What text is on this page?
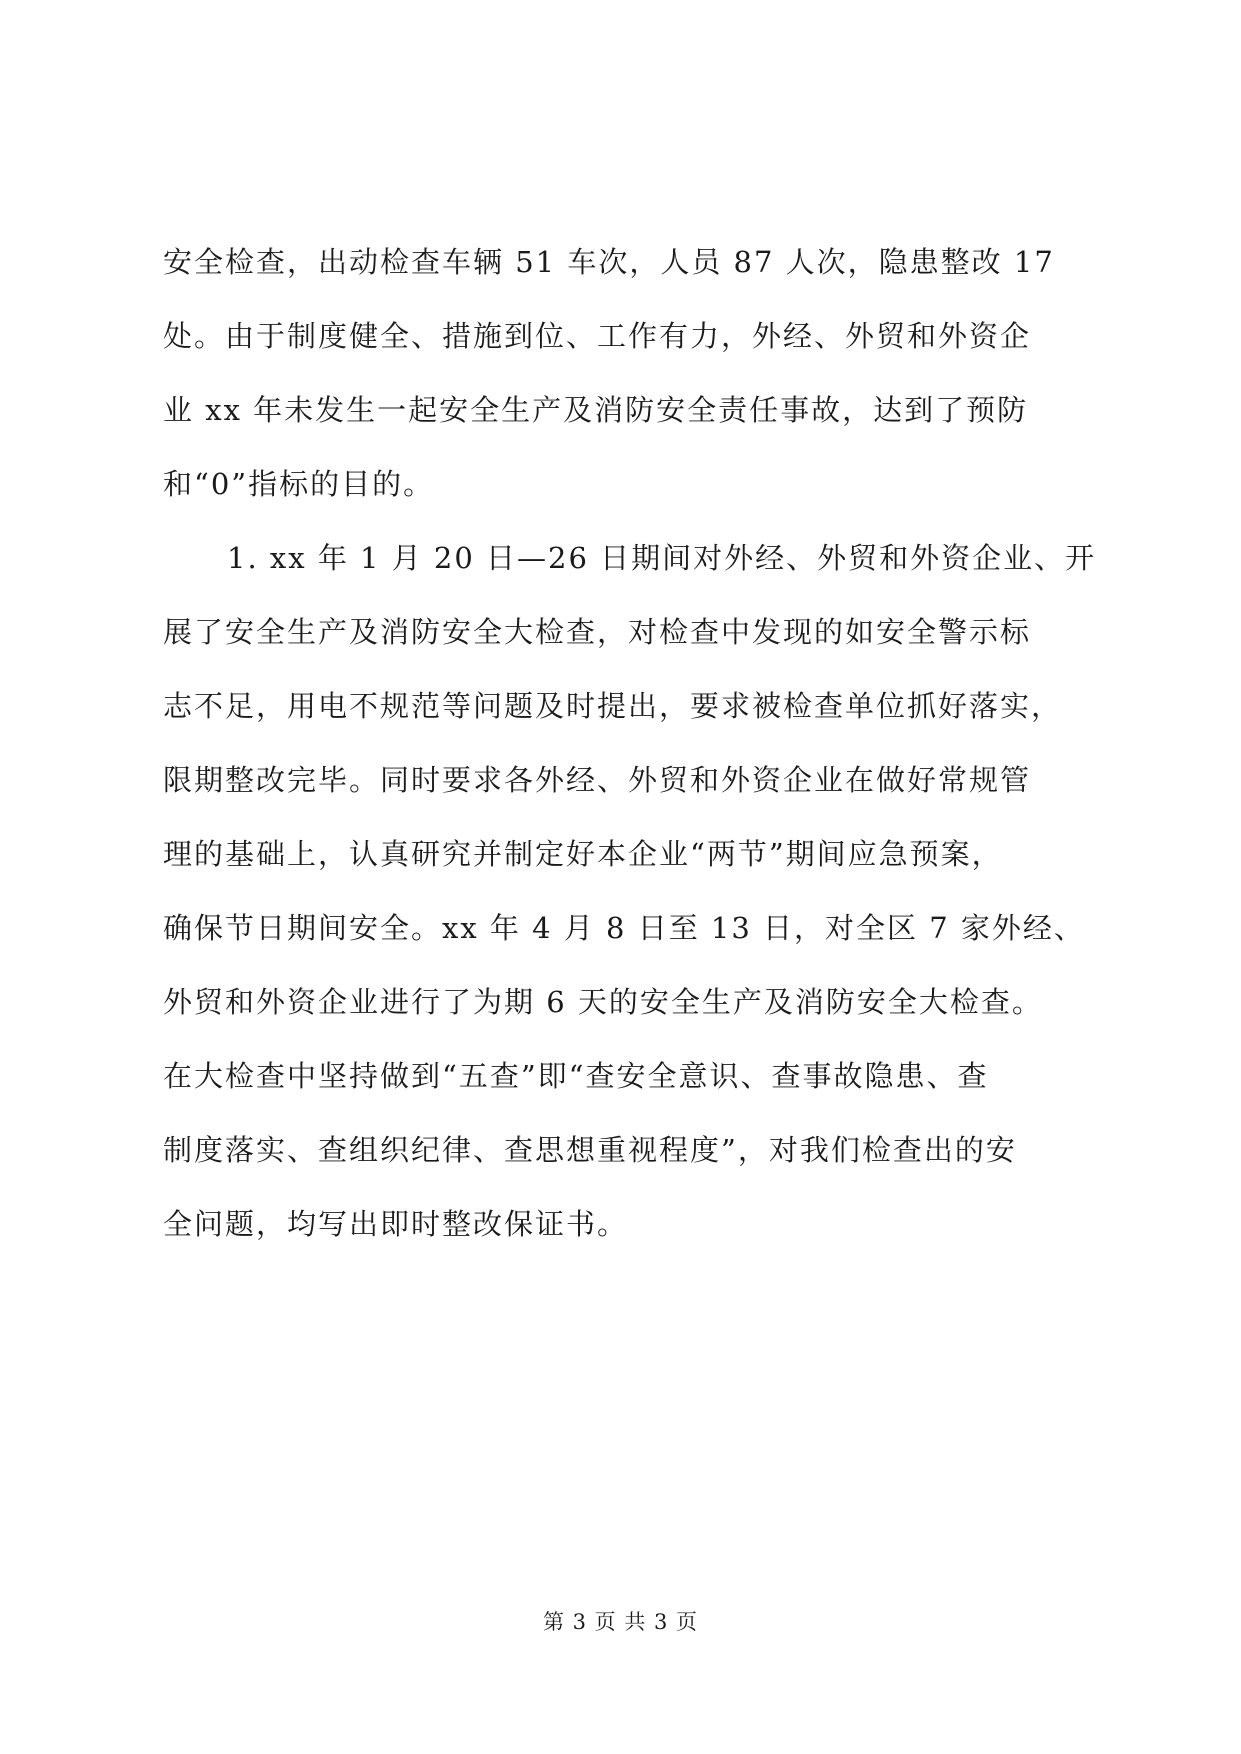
安全检查，出动检查车辆 51 车次，人员 87 人次，隐患整改 17
处。由于制度健全、措施到位、工作有力，外经、外贸和外资企
业 xx 年未发生一起安全生产及消防安全责任事故，达到了预防
和“0”指标的目的。
1. xx 年 1 月 20 日—26 日期间对外经、外贸和外资企业、开
展了安全生产及消防安全大检查，对检查中发现的如安全警示标
志不足，用电不规范等问题及时提出，要求被检查单位抓好落实，
限期整改完毕。同时要求各外经、外贸和外资企业在做好常规管
理的基础上，认真研究并制定好本企业“两节”期间应急预案，
确保节日期间安全。xx 年 4 月 8 日至 13 日，对全区 7 家外经、
外贸和外资企业进行了为期 6 天的安全生产及消防安全大检查。
在大检查中坚持做到“五查”即“查安全意识、查事故隐患、查
制度落实、查组织纪律、查思想重视程度”，对我们检查出的安
全问题，均写出即时整改保证书。
第 3 页 共 3 页
